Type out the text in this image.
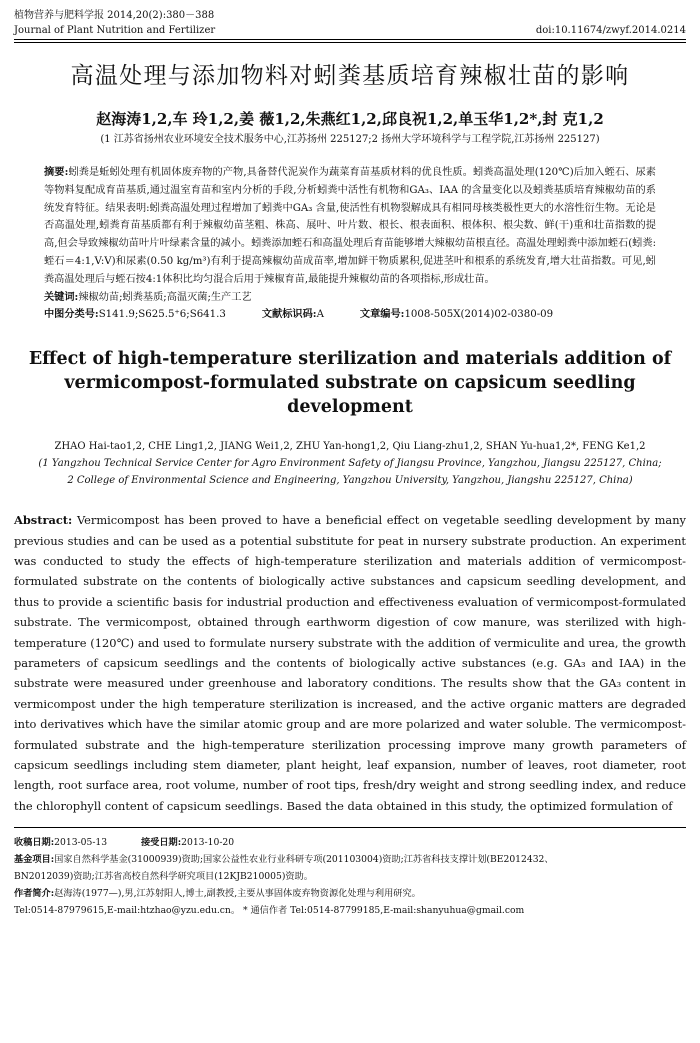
植物营养与肥料学报 2014,20(2):380－388
Journal of Plant Nutrition and Fertilizer	doi:10.11674/zwyf.2014.0214
高温处理与添加物料对蚓粪基质培育辣椒壮苗的影响
赵海涛1,2,车 玲1,2,姜 薇1,2,朱燕红1,2,邱良祝1,2,单玉华1,2*,封 克1,2
(1 江苏省扬州农业环境安全技术服务中心,江苏扬州 225127;2 扬州大学环境科学与工程学院,江苏扬州 225127)
摘要:蚓粪是蚯蚓处理有机固体废弃物的产物,具备替代泥炭作为蔬菜育苗基质材料的优良性质。蚓粪高温处理(120℃)后加入蛭石、尿素等物料复配成育苗基质,通过温室育苗和室内分析的手段,分析蚓粪中活性有机物和GA₃、IAA 的含量变化以及蚓粪基质培育辣椒幼苗的系统发育特征。结果表明:蚓粪高温处理过程增加了蚓粪中GA₃ 含量,使活性有机物裂解成具有相同母核类极性更大的水溶性衍生物。无论是否高温处理,蚓粪育苗基质都有利于辣椒幼苗茎粗、株高、展叶、叶片数、根长、根表面积、根体积、根尖数、鲜(干)重和壮苗指数的提高,但会导致辣椒幼苗叶片叶绿素含量的减小。蚓粪添加蛭石和高温处理后育苗能够增大辣椒幼苗根直径。高温处理蚓粪中添加蛭石(蚓粪:蛭石＝4:1,V:V)和尿素(0.50 kg/m³)有利于提高辣椒幼苗成苗率,增加鲜干物质累积,促进茎叶和根系的系统发育,增大壮苗指数。可见,蚓粪高温处理后与蛭石按4:1体积比均匀混合后用于辣椒育苗,最能提升辣椒幼苗的各项指标,形成壮苗。
关键词:辣椒幼苗;蚓粪基质;高温灭菌;生产工艺
中图分类号:S141.9;S625.5⁺6;S641.3	文献标识码:A	文章编号:1008-505X(2014)02-0380-09
Effect of high-temperature sterilization and materials addition of vermicompost-formulated substrate on capsicum seedling development
ZHAO Hai-tao1,2, CHE Ling1,2, JIANG Wei1,2, ZHU Yan-hong1,2, Qiu Liang-zhu1,2, SHAN Yu-hua1,2*, FENG Ke1,2
(1 Yangzhou Technical Service Center for Agro Environment Safety of Jiangsu Province, Yangzhou, Jiangsu 225127, China;
2 College of Environmental Science and Engineering, Yangzhou University, Yangzhou, Jiangshu 225127, China)
Abstract: Vermicompost has been proved to have a beneficial effect on vegetable seedling development by many previous studies and can be used as a potential substitute for peat in nursery substrate production. An experiment was conducted to study the effects of high-temperature sterilization and materials addition of vermicompost-formulated substrate on the contents of biologically active substances and capsicum seedling development, and thus to provide a scientific basis for industrial production and effectiveness evaluation of vermicompost-formulated substrate. The vermicompost, obtained through earthworm digestion of cow manure, was sterilized with high-temperature (120℃) and used to formulate nursery substrate with the addition of vermiculite and urea, the growth parameters of capsicum seedlings and the contents of biologically active substances (e.g. GA₃ and IAA) in the substrate were measured under greenhouse and laboratory conditions. The results show that the GA₃ content in vermicompost under the high temperature sterilization is increased, and the active organic matters are degraded into derivatives which have the similar atomic group and are more polarized and water soluble. The vermicompost-formulated substrate and the high-temperature sterilization processing improve many growth parameters of capsicum seedlings including stem diameter, plant height, leaf expansion, number of leaves, root diameter, root length, root surface area, root volume, number of root tips, fresh/dry weight and strong seedling index, and reduce the chlorophyll content of capsicum seedlings. Based the data obtained in this study, the optimized formulation of
收稿日期:2013-05-13	接受日期:2013-10-20
基金项目:国家自然科学基金(31000939)资助;国家公益性农业行业科研专项(201103004)资助;江苏省科技支撑计划(BE2012432、
BN2012039)资助;江苏省高校自然科学研究项目(12KJB210005)资助。
作者简介:赵海涛(1977—),男,江苏射阳人,博士,副教授,主要从事固体废弃物资源化处理与利用研究。
Tel:0514-87979615,E-mail:htzhao@yzu.edu.cn。 * 通信作者 Tel:0514-87799185,E-mail:shanyuhua@gmail.com
